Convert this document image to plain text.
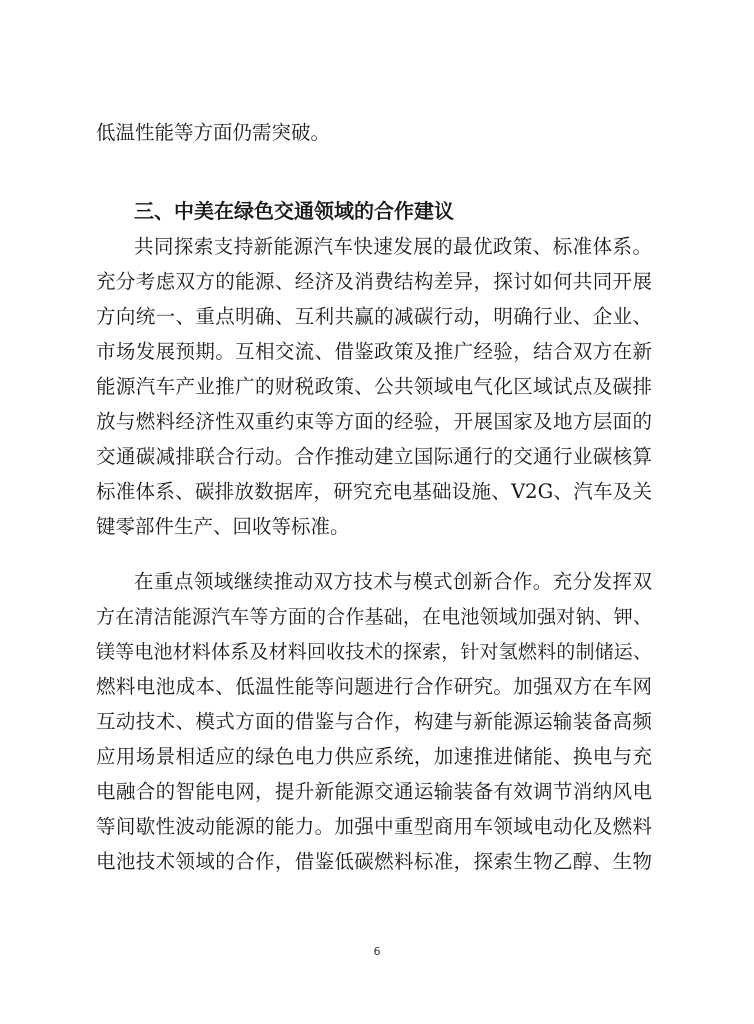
低温性能等方面仍需突破。
三、中美在绿色交通领域的合作建议
共同探索支持新能源汽车快速发展的最优政策、标准体系。
充分考虑双方的能源、经济及消费结构差异，探讨如何共同开展
方向统一、重点明确、互利共赢的减碳行动，明确行业、企业、
市场发展预期。互相交流、借鉴政策及推广经验，结合双方在新
能源汽车产业推广的财税政策、公共领域电气化区域试点及碳排
放与燃料经济性双重约束等方面的经验，开展国家及地方层面的
交通碳减排联合行动。合作推动建立国际通行的交通行业碳核算
标准体系、碳排放数据库，研究充电基础设施、V2G、汽车及关
键零部件生产、回收等标准。
在重点领域继续推动双方技术与模式创新合作。充分发挥双
方在清洁能源汽车等方面的合作基础，在电池领域加强对钠、钾、
镁等电池材料体系及材料回收技术的探索，针对氢燃料的制储运、
燃料电池成本、低温性能等问题进行合作研究。加强双方在车网
互动技术、模式方面的借鉴与合作，构建与新能源运输装备高频
应用场景相适应的绿色电力供应系统，加速推进储能、换电与充
电融合的智能电网，提升新能源交通运输装备有效调节消纳风电
等间歇性波动能源的能力。加强中重型商用车领域电动化及燃料
电池技术领域的合作，借鉴低碳燃料标准，探索生物乙醇、生物
6
